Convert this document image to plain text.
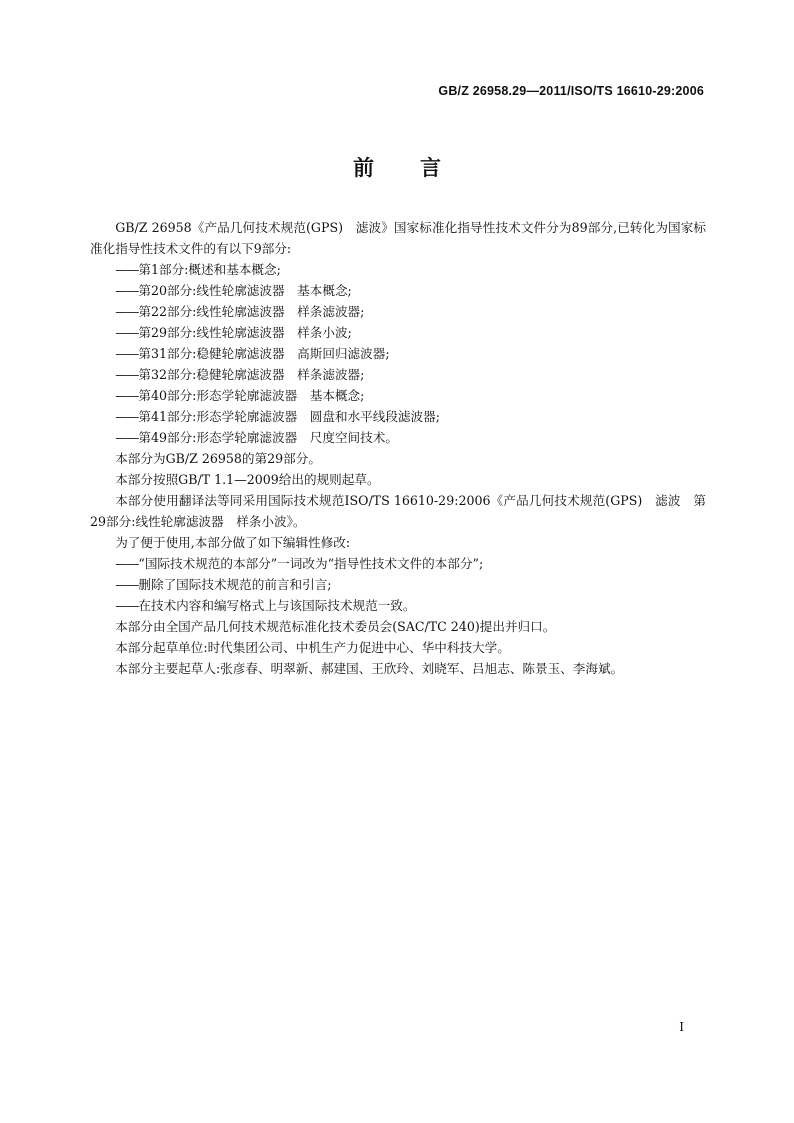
GB/Z 26958.29—2011/ISO/TS 16610-29:2006
前言

GB/Z 26958《产品几何技术规范(GPS)　滤波》国家标准化指导性技术文件分为89部分,已转化为国家标准化指导性技术文件的有以下9部分:

——第1部分:概述和基本概念;
——第20部分:线性轮廓滤波器　基本概念;
——第22部分:线性轮廓滤波器　样条滤波器;
——第29部分:线性轮廓滤波器　样条小波;
——第31部分:稳健轮廓滤波器　高斯回归滤波器;
——第32部分:稳健轮廓滤波器　样条滤波器;
——第40部分:形态学轮廓滤波器　基本概念;
——第41部分:形态学轮廓滤波器　圆盘和水平线段滤波器;
——第49部分:形态学轮廓滤波器　尺度空间技术。

本部分为GB/Z 26958的第29部分。

本部分按照GB/T 1.1—2009给出的规则起草。

本部分使用翻译法等同采用国际技术规范ISO/TS 16610-29:2006《产品几何技术规范(GPS)　滤波　第29部分:线性轮廓滤波器　样条小波》。

为了便于使用,本部分做了如下编辑性修改:

——“国际技术规范的本部分”一词改为“指导性技术文件的本部分”;
——删除了国际技术规范的前言和引言;
——在技术内容和编写格式上与该国际技术规范一致。

本部分由全国产品几何技术规范标准化技术委员会(SAC/TC 240)提出并归口。

本部分起草单位:时代集团公司、中机生产力促进中心、华中科技大学。

本部分主要起草人:张彦春、明翠新、郝建国、王欣玲、刘晓军、吕旭志、陈景玉、李海斌。

I
